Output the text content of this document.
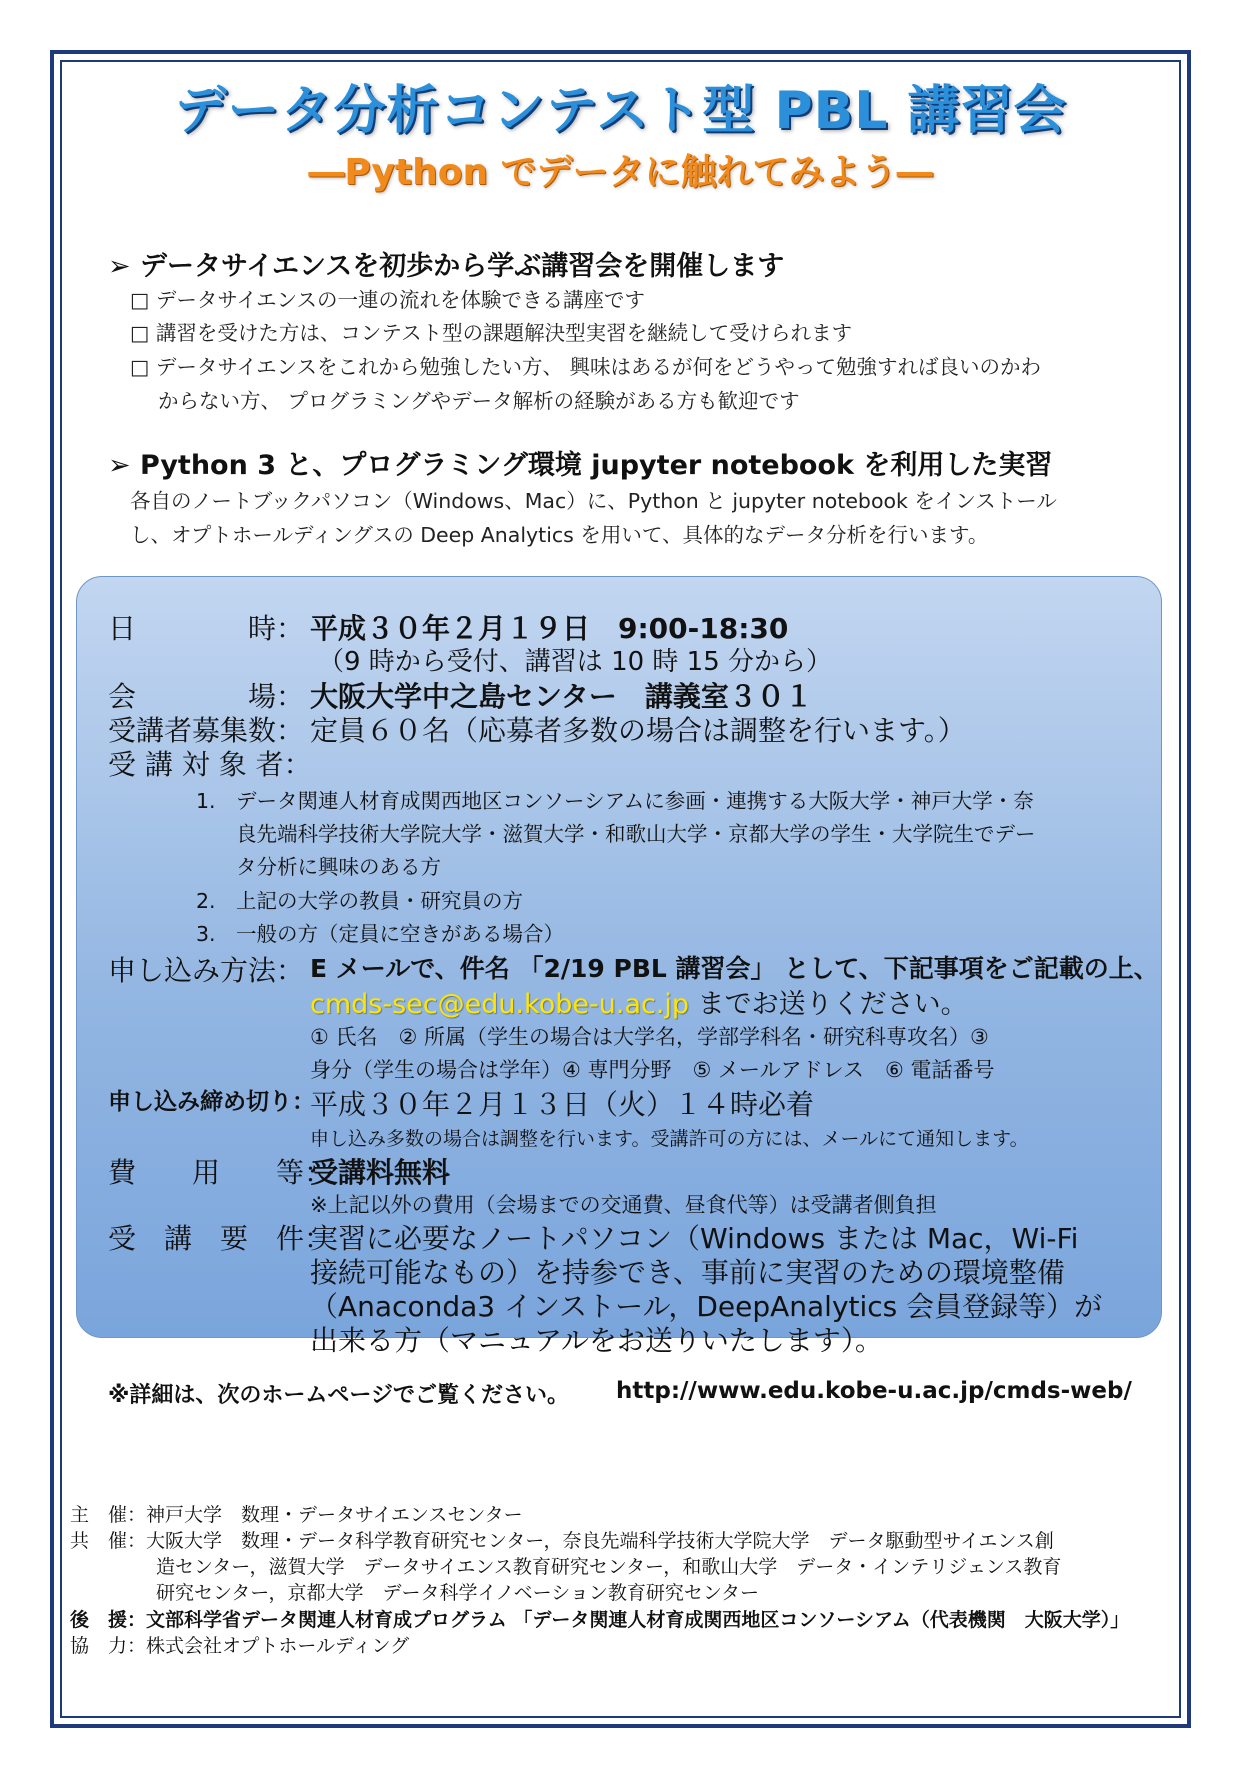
データ分析コンテスト型 PBL 講習会
―Python でデータに触れてみよう―
➢ データサイエンスを初歩から学ぶ講習会を開催します
□ データサイエンスの一連の流れを体験できる講座です
□ 講習を受けた方は、コンテスト型の課題解決型実習を継続して受けられます
□ データサイエンスをこれから勉強したい方、 興味はあるが何をどうやって勉強すれば良いのかわ
からない方、 プログラミングやデータ解析の経験がある方も歓迎です
➢ Python 3 と、プログラミング環境 jupyter notebook を利用した実習
各自のノートブックパソコン（Windows、Mac）に、Python と jupyter notebook をインストール
し、オプトホールディングスの Deep Analytics を用いて、具体的なデータ分析を行います。
日　　　　時： 平成３０年２月１９日　9:00-18:30
（9 時から受付、講習は 10 時 15 分から）
会　　　　場： 大阪大学中之島センター　講義室３０１
受講者募集数： 定員６０名（応募者多数の場合は調整を行います。）
受 講 対 象 者：
1.　データ関連人材育成関西地区コンソーシアムに参画・連携する大阪大学・神戸大学・奈
良先端科学技術大学院大学・滋賀大学・和歌山大学・京都大学の学生・大学院生でデー
タ分析に興味のある方
2.　上記の大学の教員・研究員の方
3.　一般の方（定員に空きがある場合）
申し込み方法： E メールで、件名 「2/19 PBL 講習会」 として、下記事項をご記載の上、
cmds-sec@edu.kobe-u.ac.jp までお送りください。
① 氏名　② 所属（学生の場合は大学名，学部学科名・研究科専攻名）③
身分（学生の場合は学年）④ 専門分野　⑤ メールアドレス　⑥ 電話番号
申し込み締め切り：
平成３０年２月１３日（火）１４時必着
申し込み多数の場合は調整を行います。受講許可の方には、メールにて通知します。
費　　用　　等：
受講料無料
※上記以外の費用（会場までの交通費、昼食代等）は受講者側負担
受　講　要　件：
実習に必要なノートパソコン（Windows または Mac，Wi-Fi
接続可能なもの）を持参でき、事前に実習のための環境整備
（Anaconda3 インストール，DeepAnalytics 会員登録等）が
出来る方（マニュアルをお送りいたします）。
※詳細は、次のホームページでご覧ください。 http://www.edu.kobe-u.ac.jp/cmds-web/
主　催：神戸大学　数理・データサイエンスセンター
共　催：大阪大学　数理・データ科学教育研究センター，奈良先端科学技術大学院大学　データ駆動型サイエンス創
造センター，滋賀大学　データサイエンス教育研究センター，和歌山大学　データ・インテリジェンス教育
研究センター，京都大学　データ科学イノベーション教育研究センター
後　援：文部科学省データ関連人材育成プログラム 「データ関連人材育成関西地区コンソーシアム（代表機関　大阪大学）」
協　力：株式会社オプトホールディング
